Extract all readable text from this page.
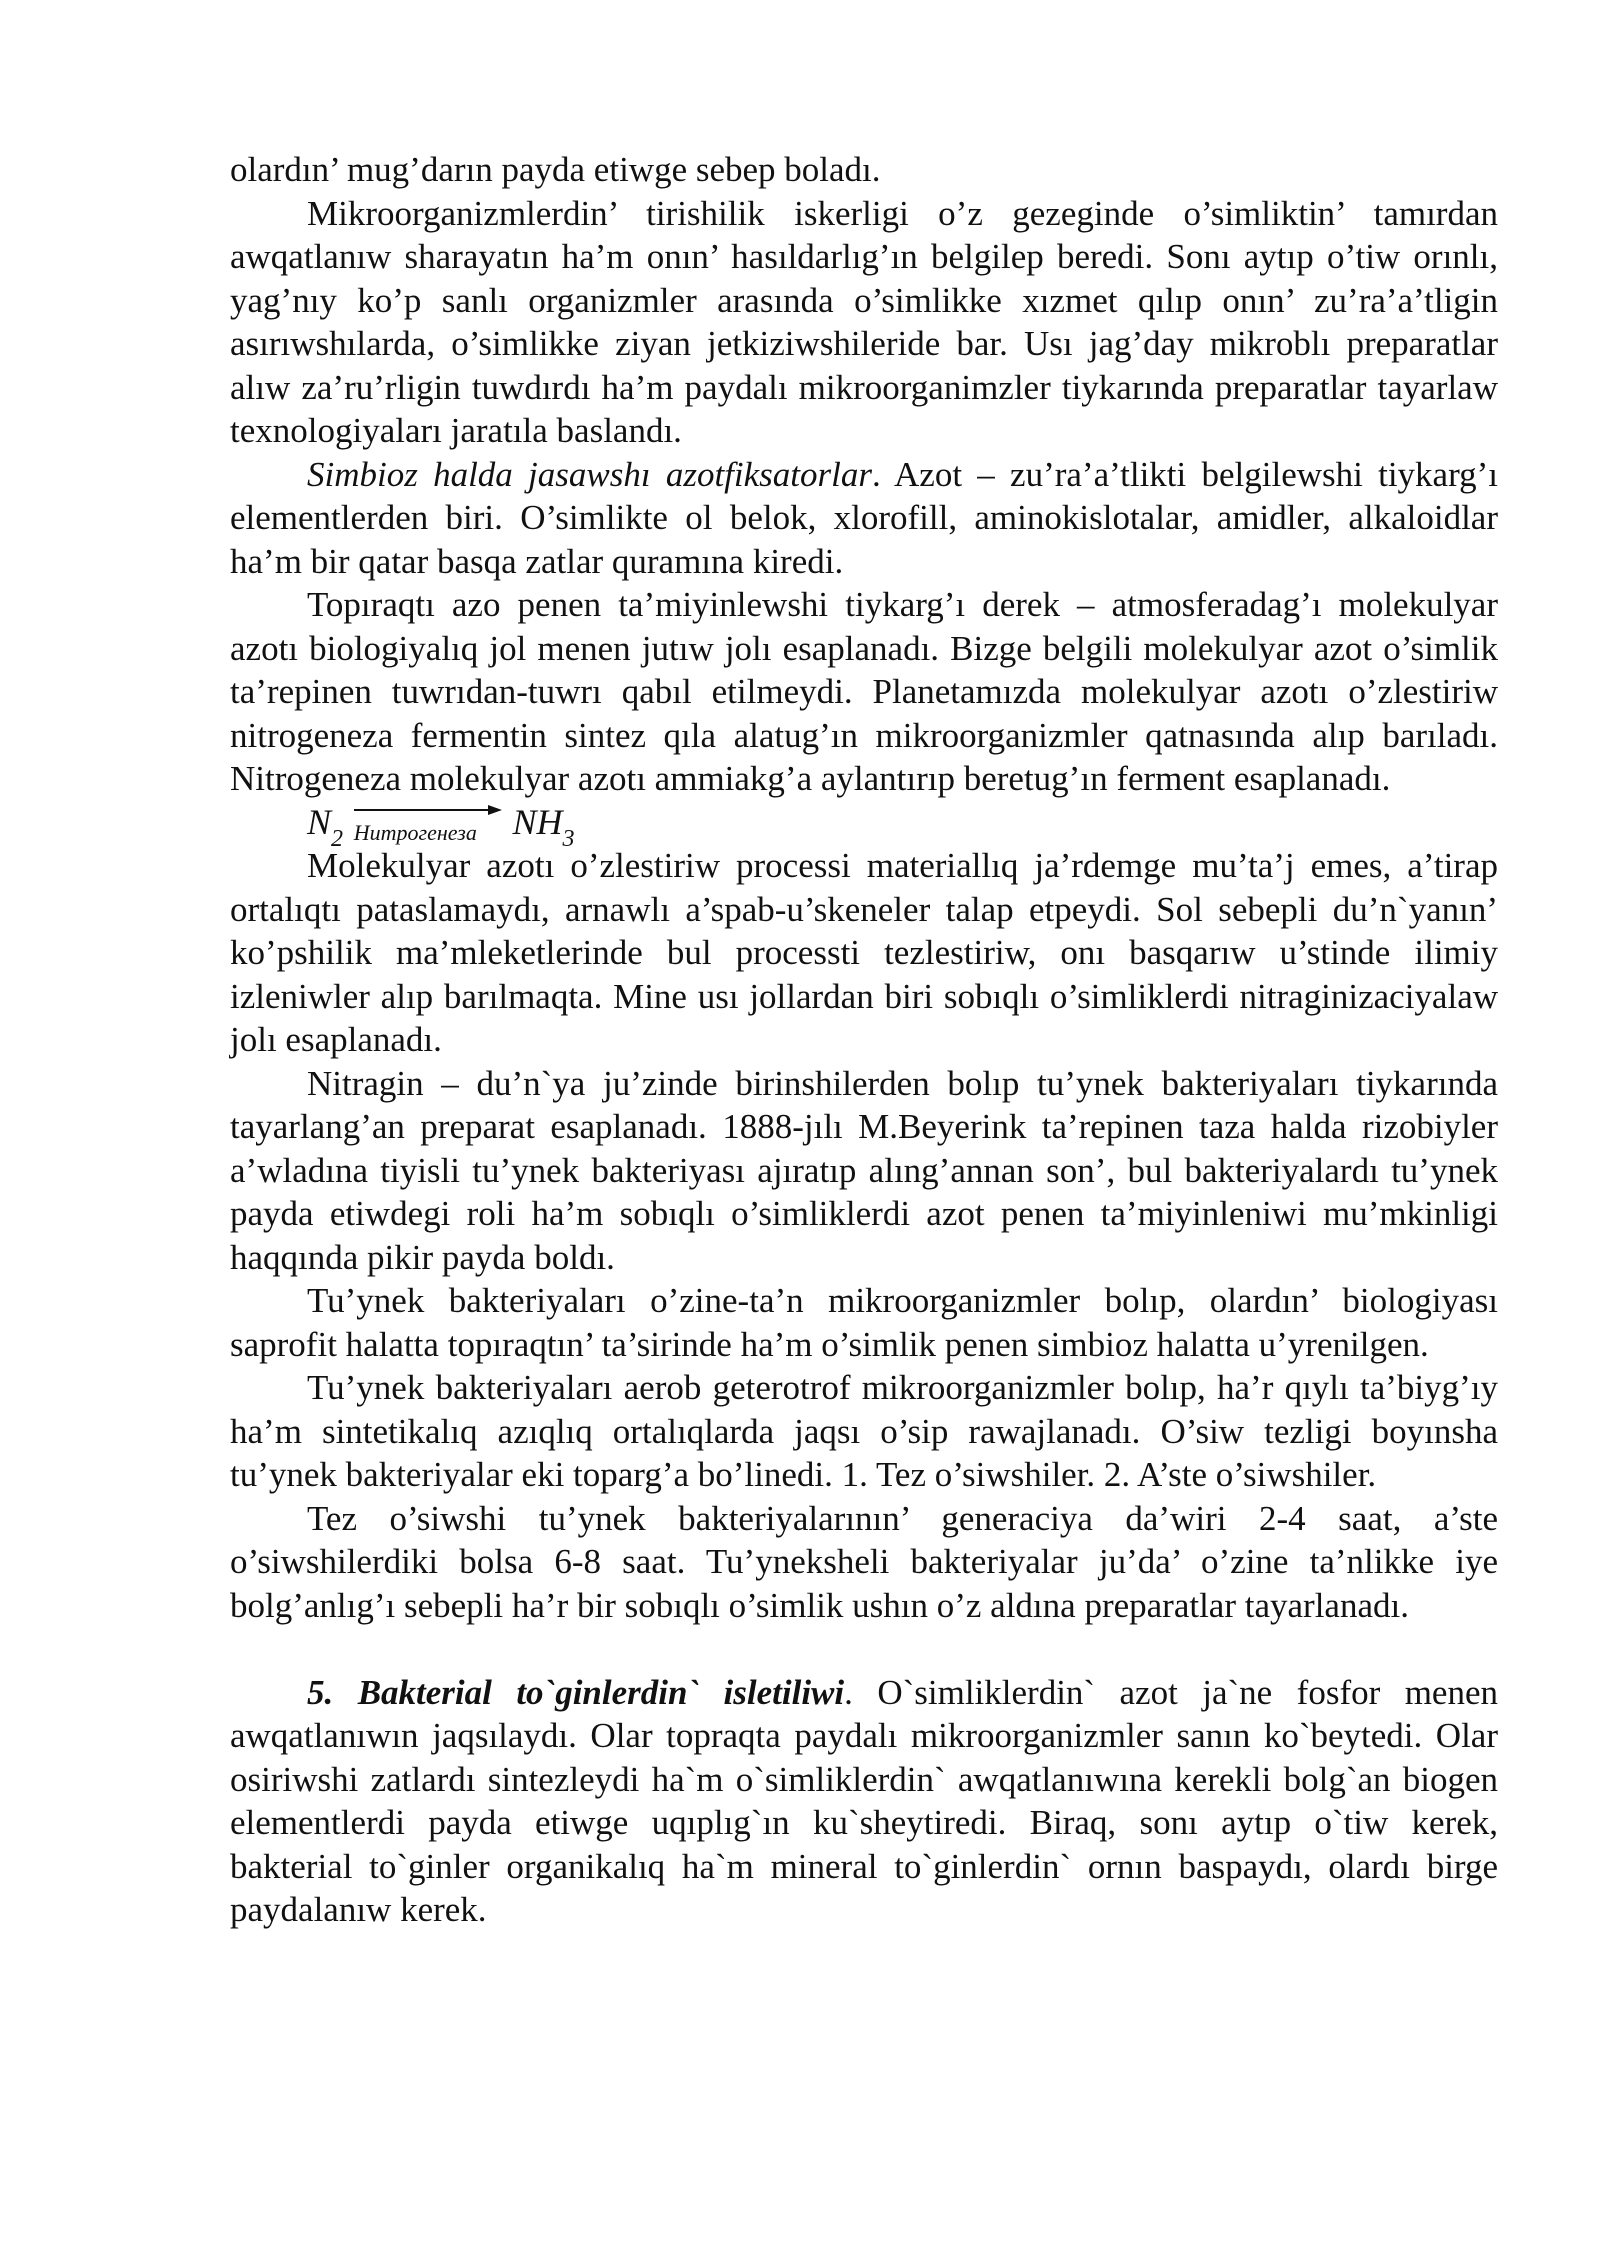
olardın’ mug’darın payda etiwge sebep boladı.

Mikroorganizmlerdin’ tirishilik iskerligi o’z gezeginde o’simliktin’ tamırdan awqatlanıw sharayatın ha’m onın’ hasıldarlıg’ın belgilep beredi. Sonı aytıp o’tiw orınlı, yag’nıy ko’p sanlı organizmler arasında o’simlikke xızmet qılıp onın’ zu’ra’a’tligin asırıwshılarda, o’simlikke ziyan jetkiziwshileride bar. Usı jag’day mikroblı preparatlar alıw za’ru’rligin tuwdırdı ha’m paydalı mikroorganimzler tiykarında preparatlar tayarlaw texnologiyaları jaratıla baslandı.

Simbioz halda jasawshı azotfiksatorlar. Azot – zu’ra’a’tlikti belgilewshi tiykarg’ı elementlerden biri. O’simlikte ol belok, xlorofill, aminokislotalar, amidler, alkaloidlar ha’m bir qatar basqa zatlar quramına kiredi.

Topıraqtı azo penen ta’miyinlewshi tiykarg’ı derek – atmosferadag’ı molekulyar azotı biologiyalıq jol menen jutıw jolı esaplanadı. Bizge belgili molekulyar azot o’simlik ta’repinen tuwrıdan-tuwrı qabıl etilmeydi. Planetamızda molekulyar azotı o’zlestiriw nitrogeneza fermentin sintez qıla alatug’ın mikroorganizmler qatnasında alıp barıladı. Nitrogeneza molekulyar azotı ammiakg’a aylantırıp beretug’ın ferment esaplanadı.

$N_2$ Нитрогенеза $NH_3$

Molekulyar azotı o’zlestiriw processi materiallıq ja’rdemge mu’ta’j emes, a’tirap ortalıqtı pataslamaydı, arnawlı a’spab-u’skeneler talap etpeydi. Sol sebepli du’n`yanın’ ko’pshilik ma’mleketlerinde bul processti tezlestiriw, onı basqarıw u’stinde ilimiy izleniwler alıp barılmaqta. Mine usı jollardan biri sobıqlı o’simliklerdi nitraginizaciyalaw jolı esaplanadı.

Nitragin – du’n`ya ju’zinde birinshilerden bolıp tu’ynek bakteriyaları tiykarında tayarlang’an preparat esaplanadı. 1888-jılı M.Beyerink ta’repinen taza halda rizobiyler a’wladına tiyisli tu’ynek bakteriyası ajıratıp alıng’annan son’, bul bakteriyalardı tu’ynek payda etiwdegi roli ha’m sobıqlı o’simliklerdi azot penen ta’miyinleniwi mu’mkinligi haqqında pikir payda boldı.

Tu’ynek bakteriyaları o’zine-ta’n mikroorganizmler bolıp, olardın’ biologiyası saprofit halatta topıraqtın’ ta’sirinde ha’m o’simlik penen simbioz halatta u’yrenilgen.

Tu’ynek bakteriyaları aerob geterotrof mikroorganizmler bolıp, ha’r qıylı ta’biyg’ıy ha’m sintetikalıq azıqlıq ortalıqlarda jaqsı o’sip rawajlanadı. O’siw tezligi boyınsha tu’ynek bakteriyalar eki toparg’a bo’linedi. 1. Tez o’siwshiler. 2. A’ste o’siwshiler.

Tez o’siwshi tu’ynek bakteriyalarının’ generaciya da’wiri 2-4 saat, a’ste o’siwshilerdiki bolsa 6-8 saat. Tu’yneksheli bakteriyalar ju’da’ o’zine ta’nlikke iye bolg’anlıg’ı sebepli ha’r bir sobıqlı o’simlik ushın o’z aldına preparatlar tayarlanadı.

5. Bakterial to`ginlerdin` isletiliwi. O`simliklerdin` azot ja`ne fosfor menen awqatlanıwın jaqsılaydı. Olar topraqta paydalı mikroorganizmler sanın ko`beytedi. Olar osiriwshi zatlardı sintezleydi ha`m o`simliklerdin` awqatlanıwına kerekli bolg`an biogen elementlerdi payda etiwge uqıplıg`ın ku`sheytiredi. Biraq, sonı aytıp o`tiw kerek, bakterial to`ginler organikalıq ha`m mineral to`ginlerdin` ornın baspaydı, olardı birge paydalanıw kerek.
